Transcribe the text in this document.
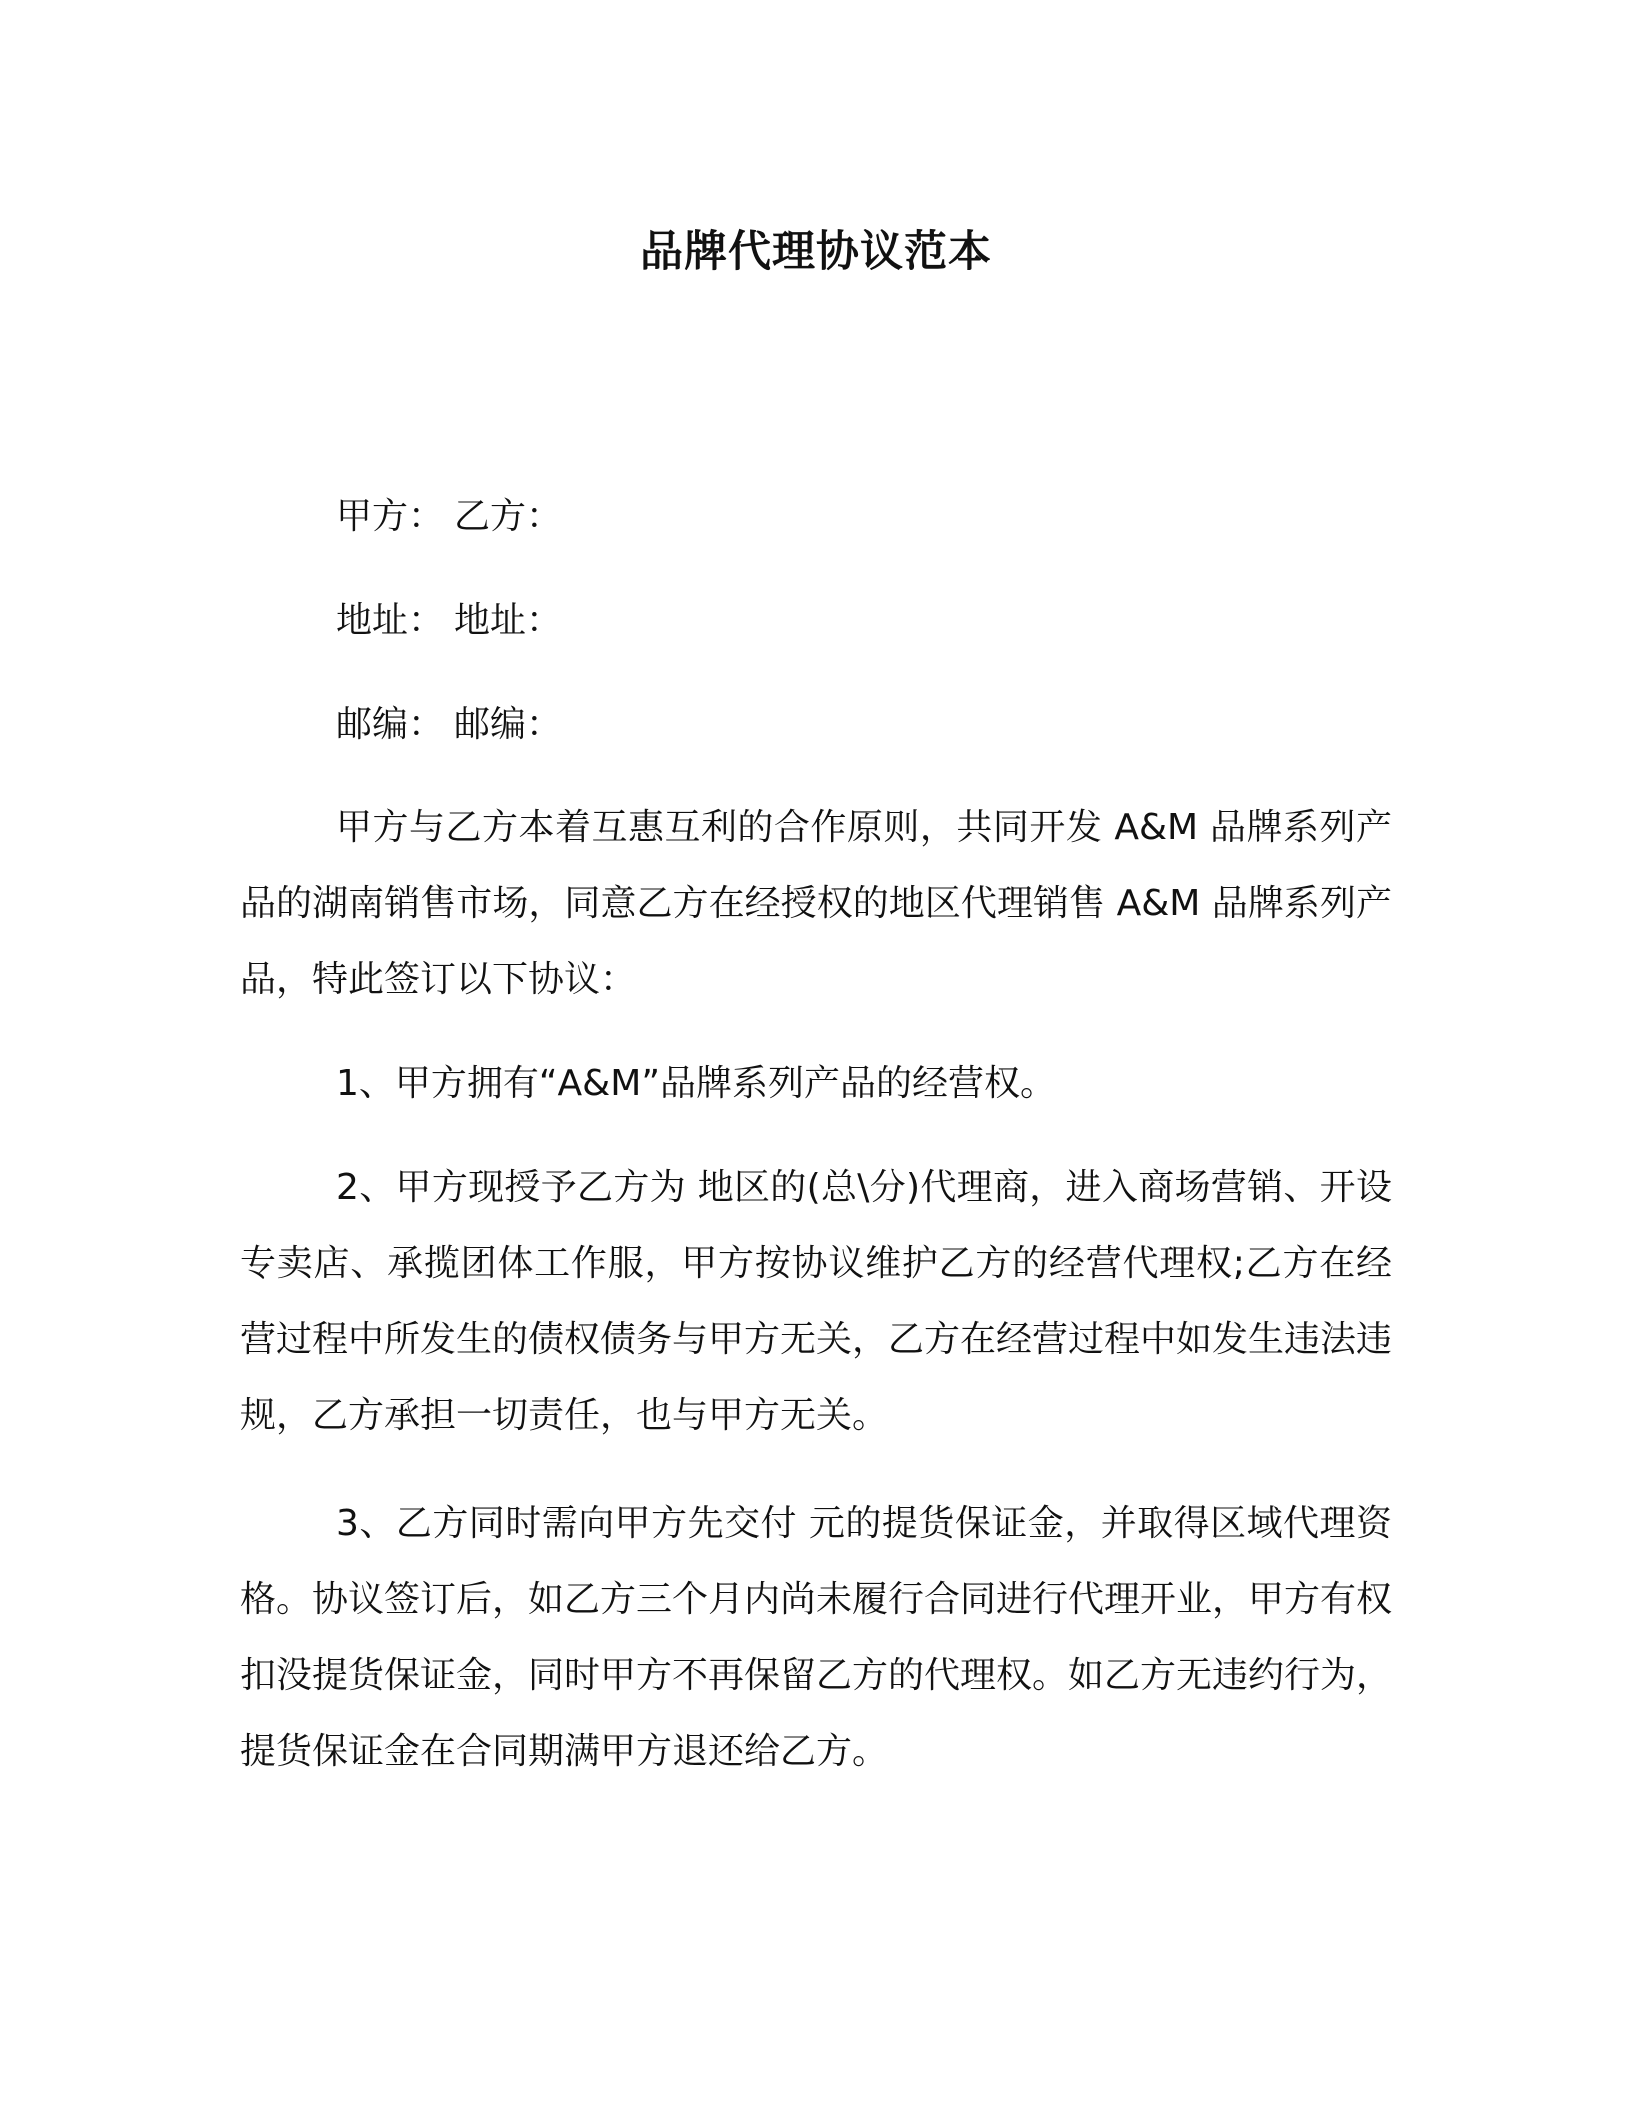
品牌代理协议范本
甲方： 乙方：
地址： 地址：
邮编： 邮编：

甲方与乙方本着互惠互利的合作原则，共同开发 A&M 品牌系列产品的湖南销售市场，同意乙方在经授权的地区代理销售 A&M 品牌系列产品，特此签订以下协议：

1、甲方拥有“A&M”品牌系列产品的经营权。

2、甲方现授予乙方为 地区的(总\分)代理商，进入商场营销、开设专卖店、承揽团体工作服，甲方按协议维护乙方的经营代理权;乙方在经营过程中所发生的债权债务与甲方无关，乙方在经营过程中如发生违法违规，乙方承担一切责任，也与甲方无关。

3、乙方同时需向甲方先交付 元的提货保证金，并取得区域代理资格。协议签订后，如乙方三个月内尚未履行合同进行代理开业，甲方有权扣没提货保证金，同时甲方不再保留乙方的代理权。如乙方无违约行为，提货保证金在合同期满甲方退还给乙方。
